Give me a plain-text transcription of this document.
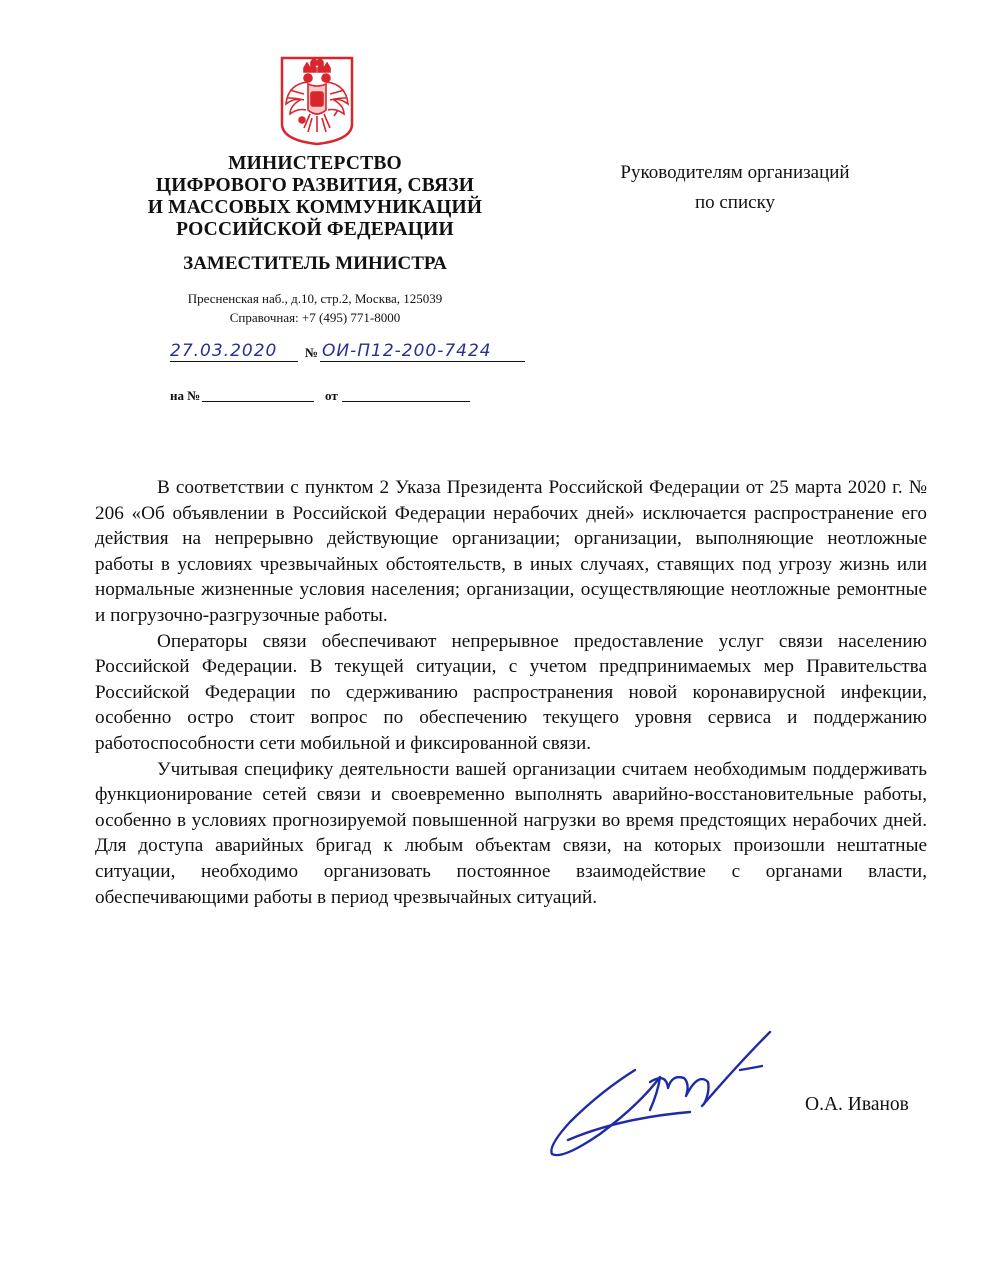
МИНИСТЕРСТВО
ЦИФРОВОГО РАЗВИТИЯ, СВЯЗИ
И МАССОВЫХ КОММУНИКАЦИЙ
РОССИЙСКОЙ ФЕДЕРАЦИИ
ЗАМЕСТИТЕЛЬ МИНИСТРА
Пресненская наб., д.10, стр.2, Москва, 125039
Справочная: +7 (495) 771-8000
27.03.2020 № ОИ-П12-200-7424
на №	от
Руководителям организаций
по списку

В соответствии с пунктом 2 Указа Президента Российской Федерации от 25 марта 2020 г. № 206 «Об объявлении в Российской Федерации нерабочих дней» исключается распространение его действия на непрерывно действующие организации; организации, выполняющие неотложные работы в условиях чрезвычайных обстоятельств, в иных случаях, ставящих под угрозу жизнь или нормальные жизненные условия населения; организации, осуществляющие неотложные ремонтные и погрузочно-разгрузочные работы.

Операторы связи обеспечивают непрерывное предоставление услуг связи населению Российской Федерации. В текущей ситуации, с учетом предпринимаемых мер Правительства Российской Федерации по сдерживанию распространения новой коронавирусной инфекции, особенно остро стоит вопрос по обеспечению текущего уровня сервиса и поддержанию работоспособности сети мобильной и фиксированной связи.

Учитывая специфику деятельности вашей организации считаем необходимым поддерживать функционирование сетей связи и своевременно выполнять аварийно-восстановительные работы, особенно в условиях прогнозируемой повышенной нагрузки во время предстоящих нерабочих дней. Для доступа аварийных бригад к любым объектам связи, на которых произошли нештатные ситуации, необходимо организовать постоянное взаимодействие с органами власти, обеспечивающими работы в период чрезвычайных ситуаций.

О.А. Иванов
